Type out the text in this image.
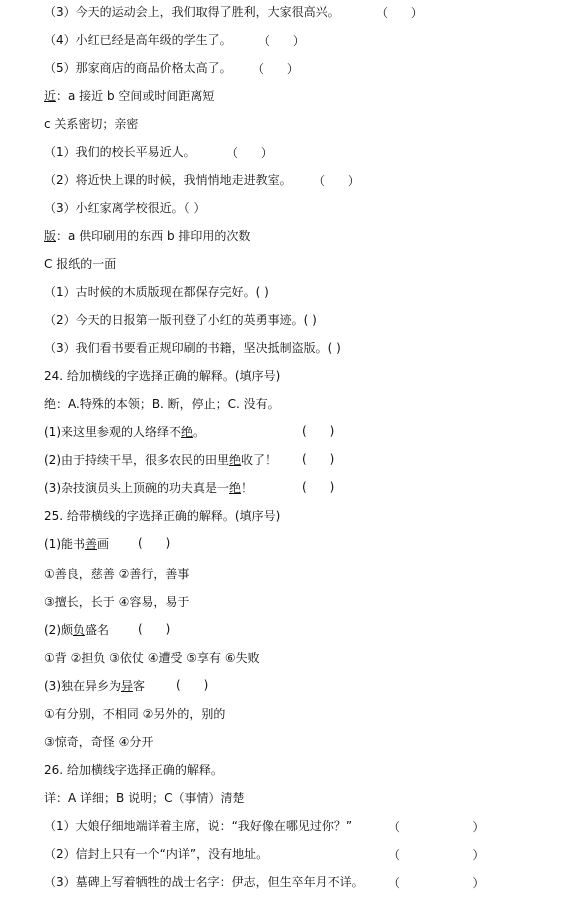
（3）今天的运动会上，我们取得了胜利，大家很高兴。	（      ）
（4）小红已经是高年级的学生了。 （      ）
（5）那家商店的商品价格太高了。 （      ）
近：a 接近 b 空间或时间距离短
c 关系密切；亲密
（1）我们的校长平易近人。	（      ）
（2）将近快上课的时候，我悄悄地走进教室。 （      ）
（3）小红家离学校很近。（ ）
版：a 供印刷用的东西 b 排印用的次数
C 报纸的一面
（1）古时候的木质版现在都保存完好。( )
（2）今天的日报第一版刊登了小红的英勇事迹。( )
（3）我们看书要看正规印刷的书籍，坚决抵制盗版。( )
24. 给加横线的字选择正确的解释。(填序号)
绝：A.特殊的本领；B. 断，停止；C. 没有。
(1)来这里参观的人络绎不绝。	(      )
(2)由于持续干旱，很多农民的田里绝收了！ (      )
(3)杂技演员头上顶碗的功夫真是一绝！	(      )
25. 给带横线的字选择正确的解释。(填序号)
(1)能书善画 (      )
①善良，慈善 ②善行，善事
③擅长，长于 ④容易，易于
(2)颇负盛名 (      )
①背 ②担负 ③依仗 ④遭受 ⑤享有 ⑥失败
(3)独在异乡为异客	(      )
①有分别，不相同 ②另外的，别的
③惊奇，奇怪 ④分开
26. 给加横线字选择正确的解释。
详：A 详细；B 说明；C（事情）清楚
（1）大娘仔细地端详着主席，说：“我好像在哪见过你？”	（                   ）
（2）信封上只有一个“内详”，没有地址。	（                   ）
（3）墓碑上写着牺牲的战士名字：伊志，但生卒年月不详。 （                   ）
